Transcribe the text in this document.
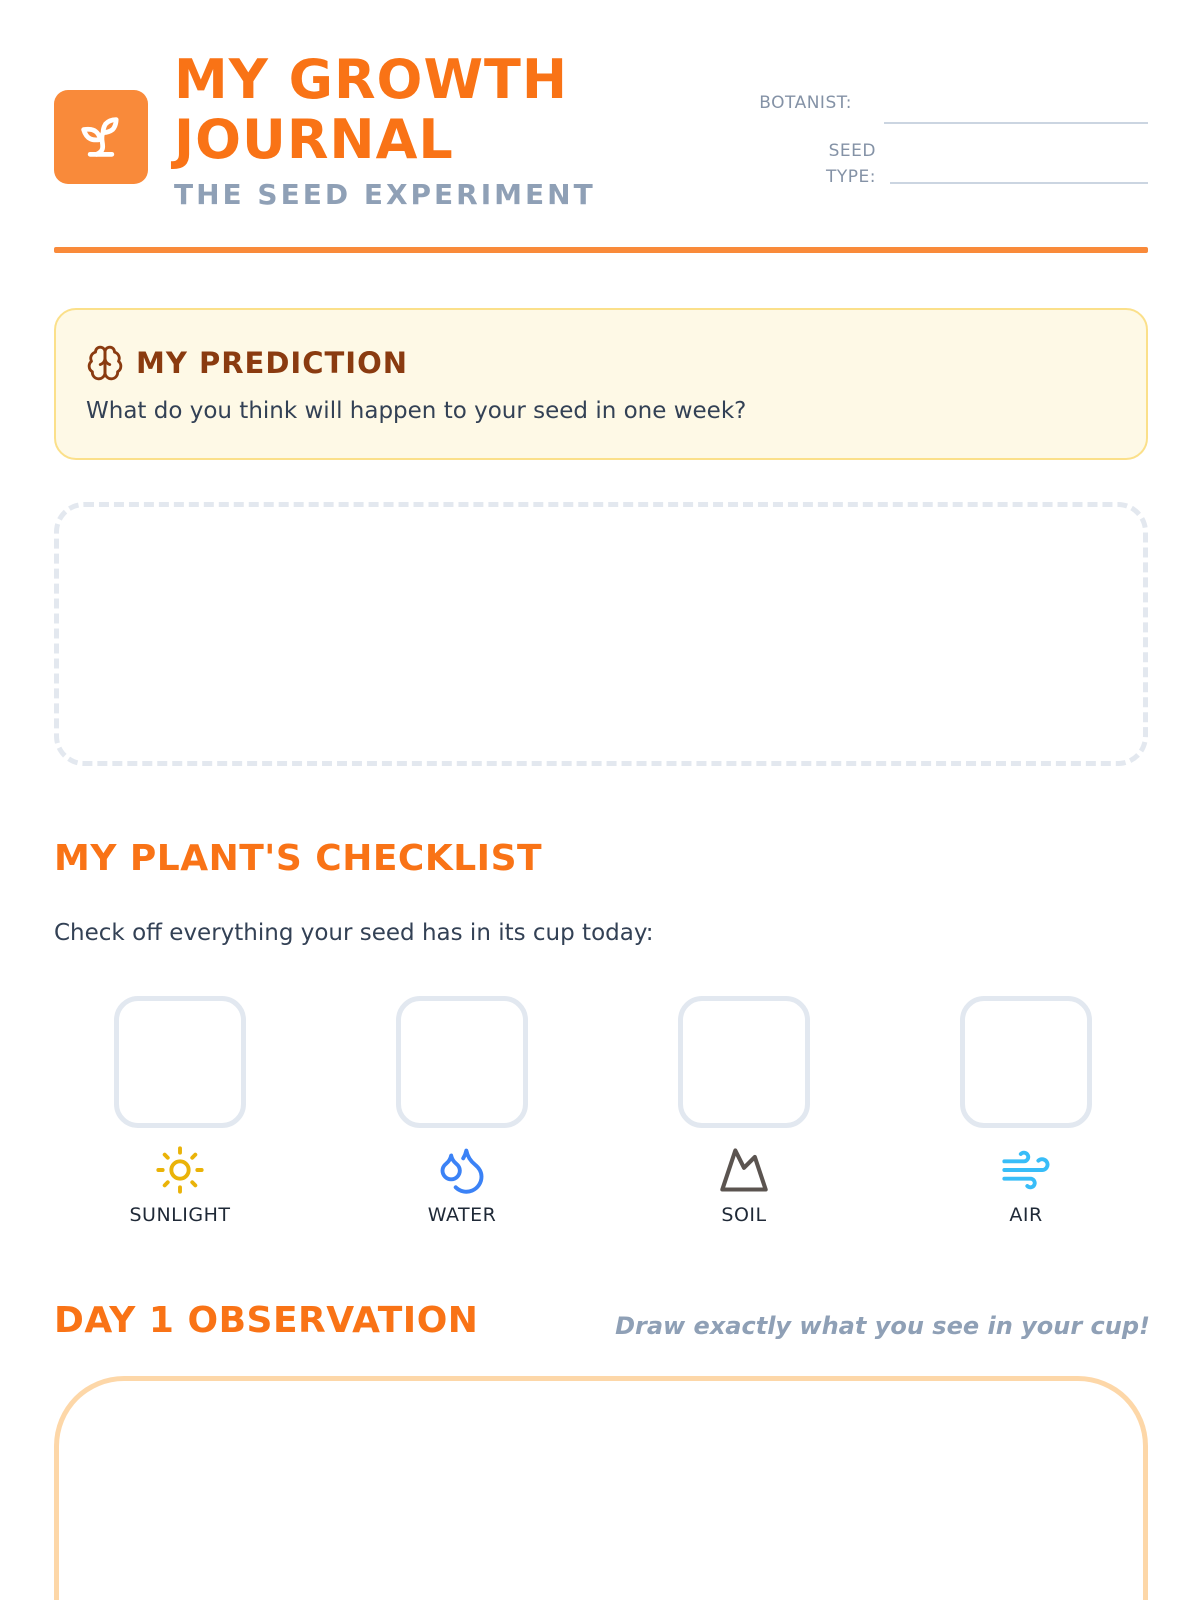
MY GROWTH JOURNAL
THE SEED EXPERIMENT
BOTANIST:
SEED
TYPE:
MY PREDICTION
What do you think will happen to your seed in one week?
MY PLANT'S CHECKLIST
Check off everything your seed has in its cup today:
SUNLIGHT	WATER	SOIL	AIR
DAY 1 OBSERVATION	Draw exactly what you see in your cup!
